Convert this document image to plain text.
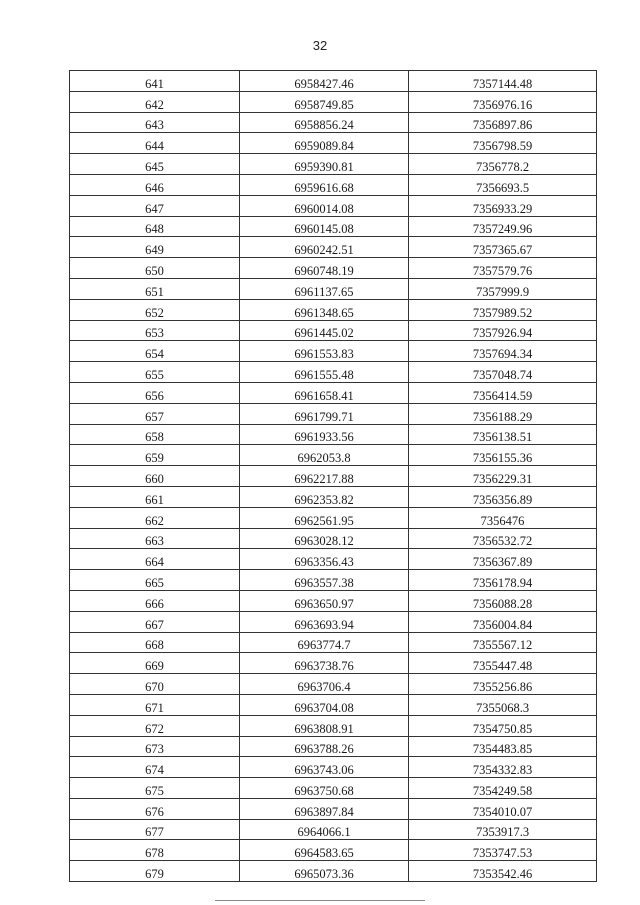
32
641	6958427.46	7357144.48
642	6958749.85	7356976.16
643	6958856.24	7356897.86
644	6959089.84	7356798.59
645	6959390.81	7356778.2
646	6959616.68	7356693.5
647	6960014.08	7356933.29
648	6960145.08	7357249.96
649	6960242.51	7357365.67
650	6960748.19	7357579.76
651	6961137.65	7357999.9
652	6961348.65	7357989.52
653	6961445.02	7357926.94
654	6961553.83	7357694.34
655	6961555.48	7357048.74
656	6961658.41	7356414.59
657	6961799.71	7356188.29
658	6961933.56	7356138.51
659	6962053.8	7356155.36
660	6962217.88	7356229.31
661	6962353.82	7356356.89
662	6962561.95	7356476
663	6963028.12	7356532.72
664	6963356.43	7356367.89
665	6963557.38	7356178.94
666	6963650.97	7356088.28
667	6963693.94	7356004.84
668	6963774.7	7355567.12
669	6963738.76	7355447.48
670	6963706.4	7355256.86
671	6963704.08	7355068.3
672	6963808.91	7354750.85
673	6963788.26	7354483.85
674	6963743.06	7354332.83
675	6963750.68	7354249.58
676	6963897.84	7354010.07
677	6964066.1	7353917.3
678	6964583.65	7353747.53
679	6965073.36	7353542.46
